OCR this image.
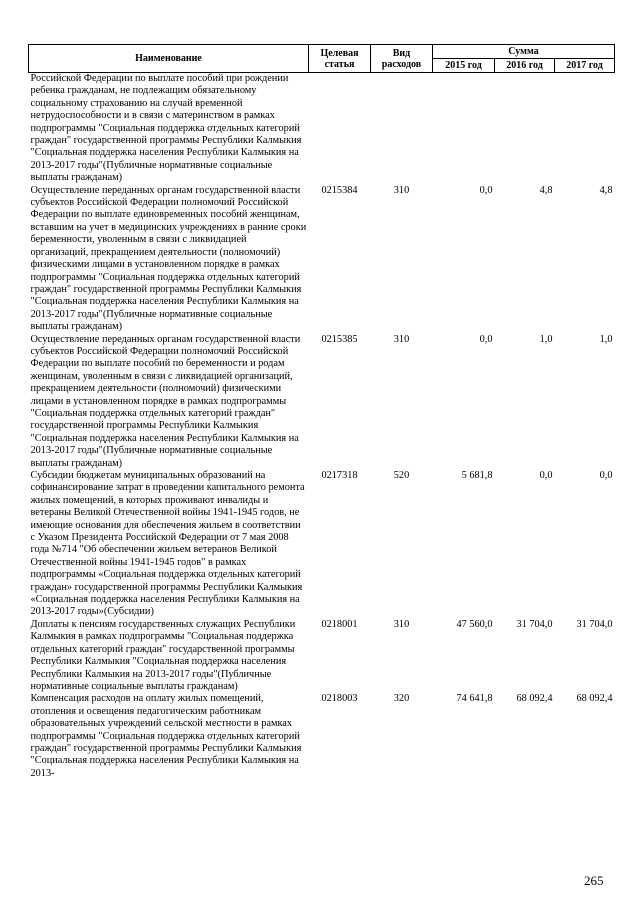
Наименование	Целевая статья	Вид расходов	Сумма		
			2015 год	2016 год	2017 год
Российской Федерации по выплате пособий при рождении ребенка гражданам, не подлежащим обязательному социальному страхованию на случай временной нетрудоспособности и в связи с материнством в рамках подпрограммы "Социальная поддержка отдельных категорий граждан" государственной программы Республики Калмыкия "Социальная поддержка населения Республики Калмыкия на 2013-2017 годы"(Публичные нормативные социальные выплаты гражданам)					
Осуществление переданных органам государственной власти субъектов Российской Федерации полномочий Российской Федерации по выплате единовременных пособий женщинам, вставшим на учет в медицинских учреждениях в ранние сроки беременности, уволенным в связи с ликвидацией организаций, прекращением деятельности (полномочий) физическими лицами в установленном порядке в рамках подпрограммы "Социальная поддержка отдельных категорий граждан" государственной программы Республики Калмыкия "Социальная поддержка населения Республики Калмыкия на 2013-2017 годы"(Публичные нормативные социальные выплаты гражданам)	0215384	310	0,0	4,8	4,8
Осуществление переданных органам государственной власти субъектов Российской Федерации полномочий Российской Федерации по выплате пособий по беременности и родам женщинам, уволенным в связи с ликвидацией организаций, прекращением деятельности (полномочий) физическими лицами в установленном порядке в рамках подпрограммы "Социальная поддержка отдельных категорий граждан" государственной программы Республики Калмыкия "Социальная поддержка населения Республики Калмыкия на 2013-2017 годы"(Публичные нормативные социальные выплаты гражданам)	0215385	310	0,0	1,0	1,0
Субсидии бюджетам муниципальных образований на софинансирование затрат в проведении капитального ремонта жилых помещений, в которых проживают инвалиды и ветераны Великой Отечественной войны 1941-1945 годов, не имеющие основания для обеспечения жильем в соответствии с Указом Президента Российской Федерации от 7 мая 2008 года №714 "Об обеспечении жильем ветеранов Великой Отечественной войны 1941-1945 годов" в рамках подпрограммы «Социальная поддержка отдельных категорий граждан» государственной программы Республики Калмыкия «Социальная поддержка населения Республики Калмыкия на 2013-2017 годы»(Субсидии)	0217318	520	5 681,8	0,0	0,0
Доплаты к пенсиям государственных служащих Республики Калмыкия в рамках подпрограммы "Социальная поддержка отдельных категорий граждан" государственной программы Республики Калмыкия "Социальная поддержка населения Республики Калмыкия на 2013-2017 годы"(Публичные нормативные социальные выплаты гражданам)	0218001	310	47 560,0	31 704,0	31 704,0
Компенсация расходов на оплату жилых помещений, отопления и освещения педагогическим работникам образовательных учреждений сельской местности в рамках подпрограммы "Социальная поддержка отдельных категорий граждан" государственной программы Республики Калмыкия "Социальная поддержка населения Республики Калмыкия на 2013-	0218003	320	74 641,8	68 092,4	68 092,4
265
